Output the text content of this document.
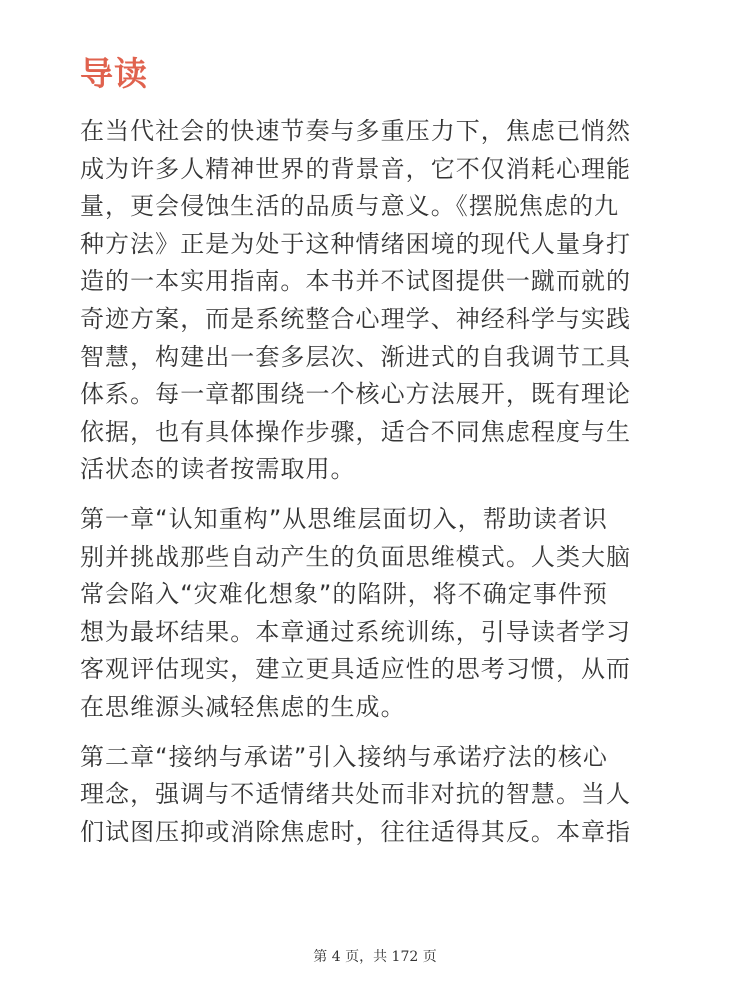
导读

在当代社会的快速节奏与多重压力下，焦虑已悄然
成为许多人精神世界的背景音，它不仅消耗心理能
量，更会侵蚀生活的品质与意义。《摆脱焦虑的九
种方法》正是为处于这种情绪困境的现代人量身打
造的一本实用指南。本书并不试图提供一蹴而就的
奇迹方案，而是系统整合心理学、神经科学与实践
智慧，构建出一套多层次、渐进式的自我调节工具
体系。每一章都围绕一个核心方法展开，既有理论
依据，也有具体操作步骤，适合不同焦虑程度与生
活状态的读者按需取用。

第一章“认知重构”从思维层面切入，帮助读者识
别并挑战那些自动产生的负面思维模式。人类大脑
常会陷入“灾难化想象”的陷阱，将不确定事件预
想为最坏结果。本章通过系统训练，引导读者学习
客观评估现实，建立更具适应性的思考习惯，从而
在思维源头减轻焦虑的生成。

第二章“接纳与承诺”引入接纳与承诺疗法的核心
理念，强调与不适情绪共处而非对抗的智慧。当人
们试图压抑或消除焦虑时，往往适得其反。本章指

第 4 页，共 172 页
